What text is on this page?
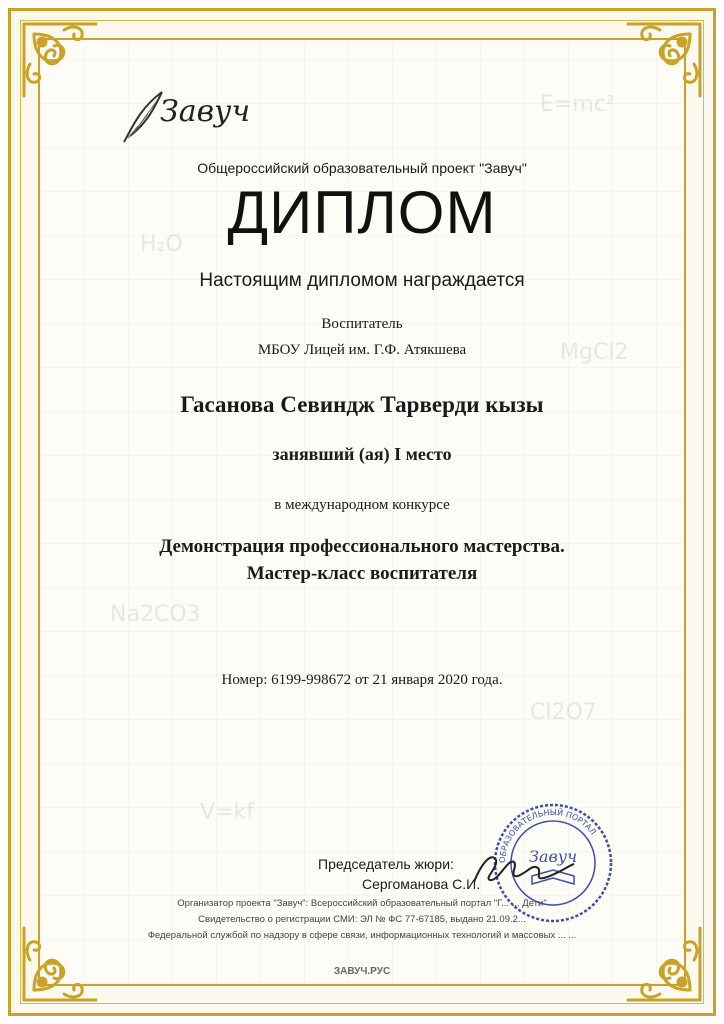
E=mc²
H₂O
MgCl2
Na2CO3
Cl2O7
V=kf
Завуч
Общероссийский образовательный проект "Завуч"
ДИПЛОМ
Настоящим дипломом награждается
Воспитатель
МБОУ Лицей им. Г.Ф. Атякшева
Гасанова Севиндж Тарверди кызы
занявший (ая) I место
в международном конкурсе
Демонстрация профессионального мастерства.
Мастер-класс воспитателя
Номер: 6199-998672 от 21 января 2020 года.
Председатель жюри:
Сергоманова С.И.
ОБРАЗОВАТЕЛЬНЫЙ ПОРТАЛ
Завуч
Организатор проекта "Завуч": Всероссийский образовательный портал "Г... ... Дети"
Свидетельство о регистрации СМИ: ЭЛ № ФС 77-67185, выдано 21.09.2...
Федеральной службой по надзору в сфере связи, информационных технологий и массовых ... ...
ЗАВУЧ.РУС
